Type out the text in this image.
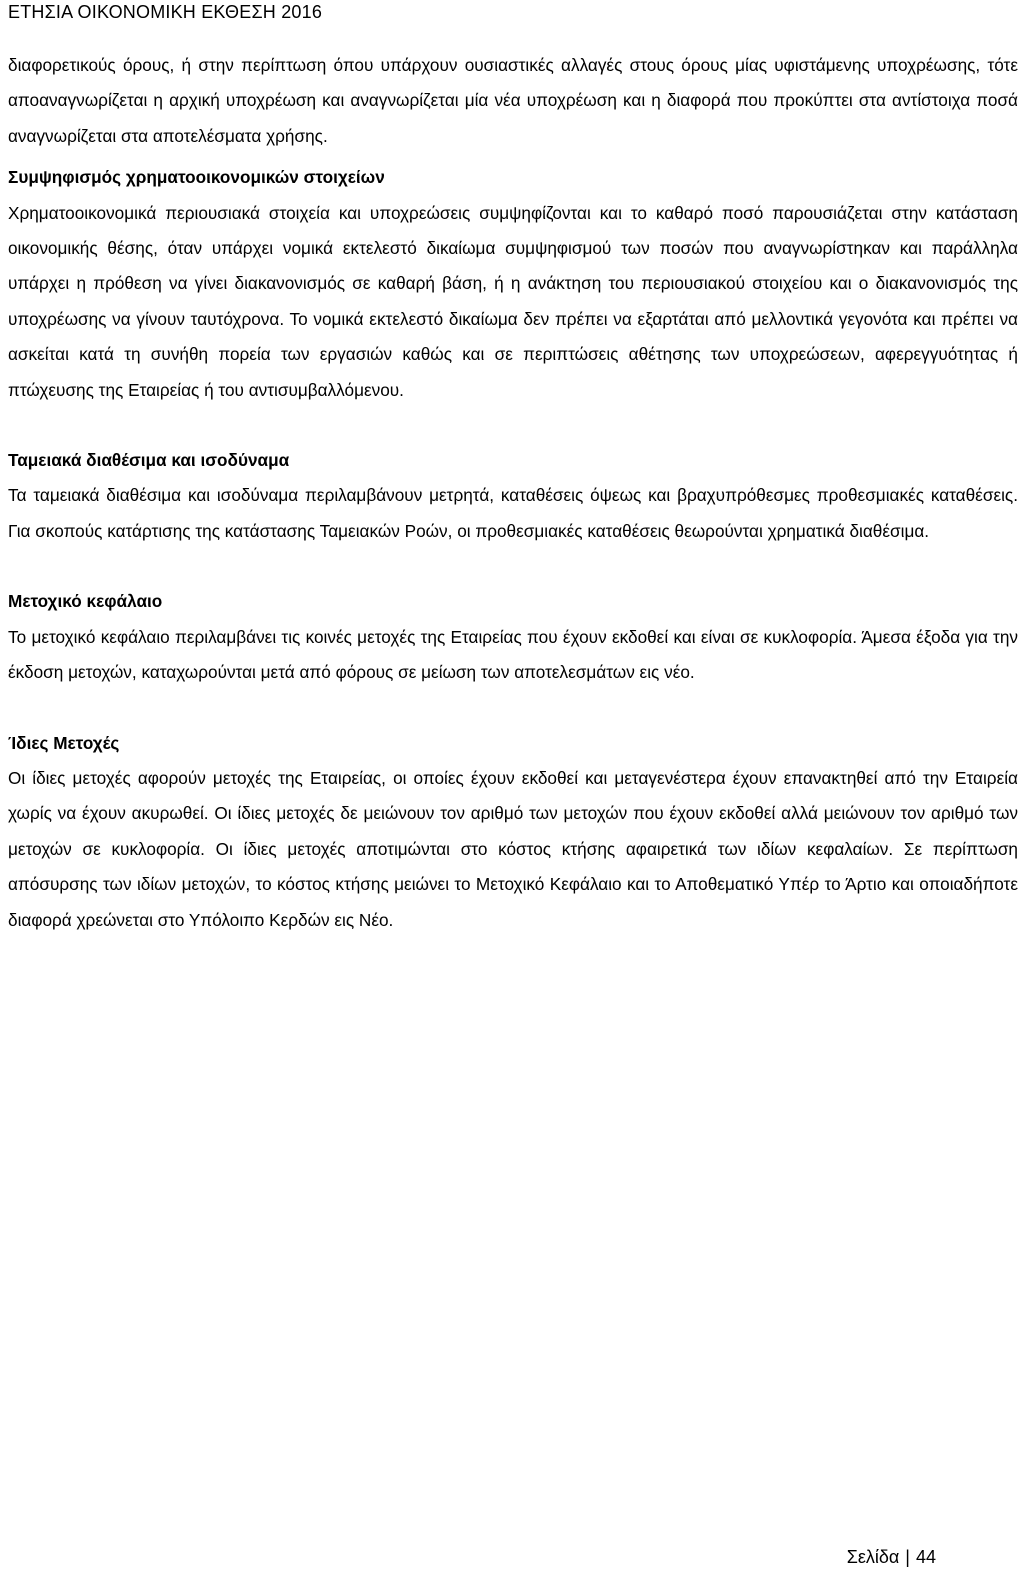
ΕΤΗΣΙΑ ΟΙΚΟΝΟΜΙΚΗ ΕΚΘΕΣΗ 2016

διαφορετικούς όρους, ή στην περίπτωση όπου υπάρχουν ουσιαστικές αλλαγές στους όρους μίας υφιστάμενης υποχρέωσης, τότε αποαναγνωρίζεται η αρχική υποχρέωση και αναγνωρίζεται μία νέα υποχρέωση και η διαφορά που προκύπτει στα αντίστοιχα ποσά αναγνωρίζεται στα αποτελέσματα χρήσης.

Συμψηφισμός χρηματοοικονομικών στοιχείων

Χρηματοοικονομικά περιουσιακά στοιχεία και υποχρεώσεις συμψηφίζονται και το καθαρό ποσό παρουσιάζεται στην κατάσταση οικονομικής θέσης, όταν υπάρχει νομικά εκτελεστό δικαίωμα συμψηφισμού των ποσών που αναγνωρίστηκαν και παράλληλα υπάρχει η πρόθεση να γίνει διακανονισμός σε καθαρή βάση, ή η ανάκτηση του περιουσιακού στοιχείου και ο διακανονισμός της υποχρέωσης να γίνουν ταυτόχρονα. Το νομικά εκτελεστό δικαίωμα δεν πρέπει να εξαρτάται από μελλοντικά γεγονότα και πρέπει να ασκείται κατά τη συνήθη πορεία των εργασιών καθώς και σε περιπτώσεις αθέτησης των υποχρεώσεων, αφερεγγυότητας ή πτώχευσης της Εταιρείας ή του αντισυμβαλλόμενου.

Ταμειακά διαθέσιμα και ισοδύναμα

Τα ταμειακά διαθέσιμα και ισοδύναμα περιλαμβάνουν μετρητά, καταθέσεις όψεως και βραχυπρόθεσμες προθεσμιακές καταθέσεις. Για σκοπούς κατάρτισης της κατάστασης Ταμειακών Ροών, οι προθεσμιακές καταθέσεις θεωρούνται χρηματικά διαθέσιμα.

Μετοχικό κεφάλαιο

Το μετοχικό κεφάλαιο περιλαμβάνει τις κοινές μετοχές της Εταιρείας που έχουν εκδοθεί και είναι σε κυκλοφορία. Άμεσα έξοδα για την έκδοση μετοχών, καταχωρούνται μετά από φόρους σε μείωση των αποτελεσμάτων εις νέο.

Ίδιες Μετοχές

Οι ίδιες μετοχές αφορούν μετοχές της Εταιρείας, οι οποίες έχουν εκδοθεί και μεταγενέστερα έχουν επανακτηθεί από την Εταιρεία χωρίς να έχουν ακυρωθεί. Οι ίδιες μετοχές δε μειώνουν τον αριθμό των μετοχών που έχουν εκδοθεί αλλά μειώνουν τον αριθμό των μετοχών σε κυκλοφορία. Οι ίδιες μετοχές αποτιμώνται στο κόστος κτήσης αφαιρετικά των ιδίων κεφαλαίων. Σε περίπτωση απόσυρσης των ιδίων μετοχών, το κόστος κτήσης μειώνει το Μετοχικό Κεφάλαιο και το Αποθεματικό Υπέρ το Άρτιο και οποιαδήποτε διαφορά χρεώνεται στο Υπόλοιπο Κερδών εις Νέο.

Σελίδα | 44
